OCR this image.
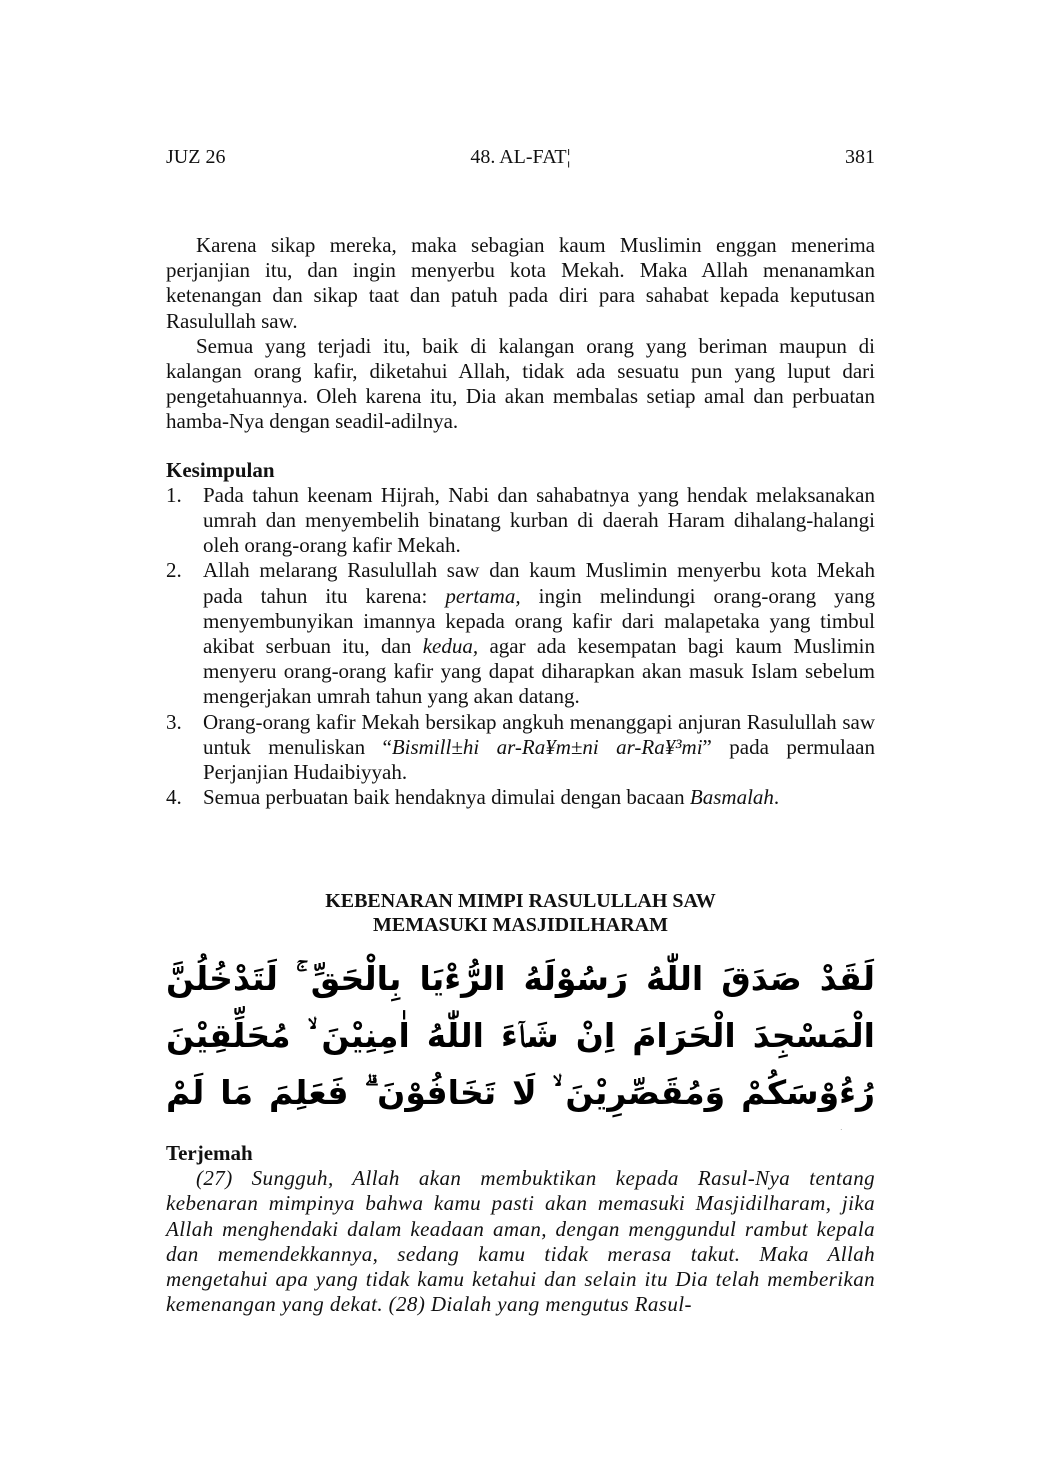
JUZ 26	48. AL-FAT¦	381

Karena sikap mereka, maka sebagian kaum Muslimin enggan menerima perjanjian itu, dan ingin menyerbu kota Mekah. Maka Allah menanamkan ketenangan dan sikap taat dan patuh pada diri para sahabat kepada keputusan Rasulullah saw.

Semua yang terjadi itu, baik di kalangan orang yang beriman maupun di kalangan orang kafir, diketahui Allah, tidak ada sesuatu pun yang luput dari pengetahuannya. Oleh karena itu, Dia akan membalas setiap amal dan perbuatan hamba-Nya dengan seadil-adilnya.

Kesimpulan

1. Pada tahun keenam Hijrah, Nabi dan sahabatnya yang hendak melaksanakan umrah dan menyembelih binatang kurban di daerah Haram dihalang-halangi oleh orang-orang kafir Mekah.
2. Allah melarang Rasulullah saw dan kaum Muslimin menyerbu kota Mekah pada tahun itu karena: pertama, ingin melindungi orang-orang yang menyembunyikan imannya kepada orang kafir dari malapetaka yang timbul akibat serbuan itu, dan kedua, agar ada kesempatan bagi kaum Muslimin menyeru orang-orang kafir yang dapat diharapkan akan masuk Islam sebelum mengerjakan umrah tahun yang akan datang.
3. Orang-orang kafir Mekah bersikap angkuh menanggapi anjuran Rasulullah saw untuk menuliskan “Bismill±hi ar-Ra¥m±ni ar-Ra¥³mi” pada permulaan Perjanjian Hudaibiyyah.
4. Semua perbuatan baik hendaknya dimulai dengan bacaan Basmalah.
KEBENARAN MIMPI RASULULLAH SAW
MEMASUKI MASJIDILHARAM
لَقَدْ صَدَقَ اللّٰهُ رَسُوْلَهُ الرُّءْيَا بِالْحَقِّ ۚ لَتَدْخُلُنَّ الْمَسْجِدَ الْحَرَامَ اِنْ شَاۤءَ اللّٰهُ اٰمِنِيْنَ ۙ مُحَلِّقِيْنَ رُءُوْسَكُمْ وَمُقَصِّرِيْنَ ۙ لَا تَخَافُوْنَ ۗ فَعَلِمَ مَا لَمْ

Terjemah

(27) Sungguh, Allah akan membuktikan kepada Rasul-Nya tentang kebenaran mimpinya bahwa kamu pasti akan memasuki Masjidilharam, jika Allah menghendaki dalam keadaan aman, dengan menggundul rambut kepala dan memendekkannya, sedang kamu tidak merasa takut. Maka Allah mengetahui apa yang tidak kamu ketahui dan selain itu Dia telah memberikan kemenangan yang dekat. (28) Dialah yang mengutus Rasul-
